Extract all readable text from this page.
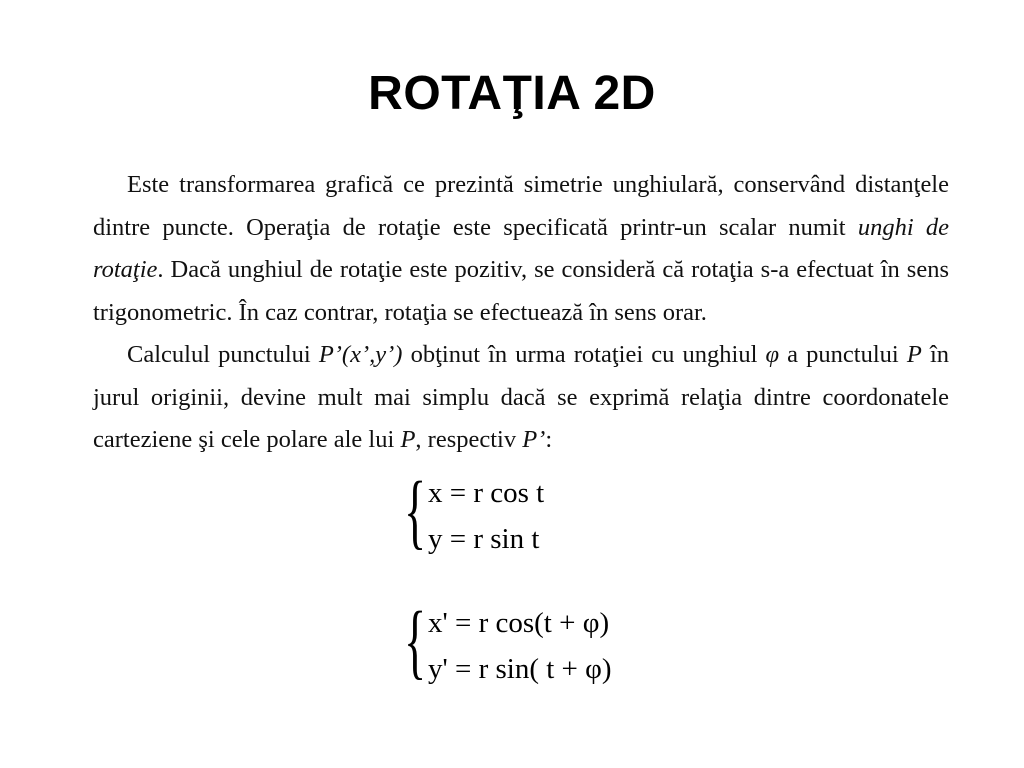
ROTAŢIA 2D

Este transformarea grafică ce prezintă simetrie unghiulară, conservând distanţele dintre puncte. Operaţia de rotaţie este specificată printr-un scalar numit unghi de rotaţie. Dacă unghiul de rotaţie este pozitiv, se consideră că rotaţia s-a efectuat în sens trigonometric. În caz contrar, rotaţia se efectuează în sens orar.

Calculul punctului P’(x’,y’) obţinut în urma rotaţiei cu unghiul φ a punctului P în jurul originii, devine mult mai simplu dacă se exprimă relaţia dintre coordonatele carteziene şi cele polare ale lui P, respectiv P’:

{ x = r cos t
y = r sin t
{ x' = r cos(t + φ)
y' = r sin( t + φ)
